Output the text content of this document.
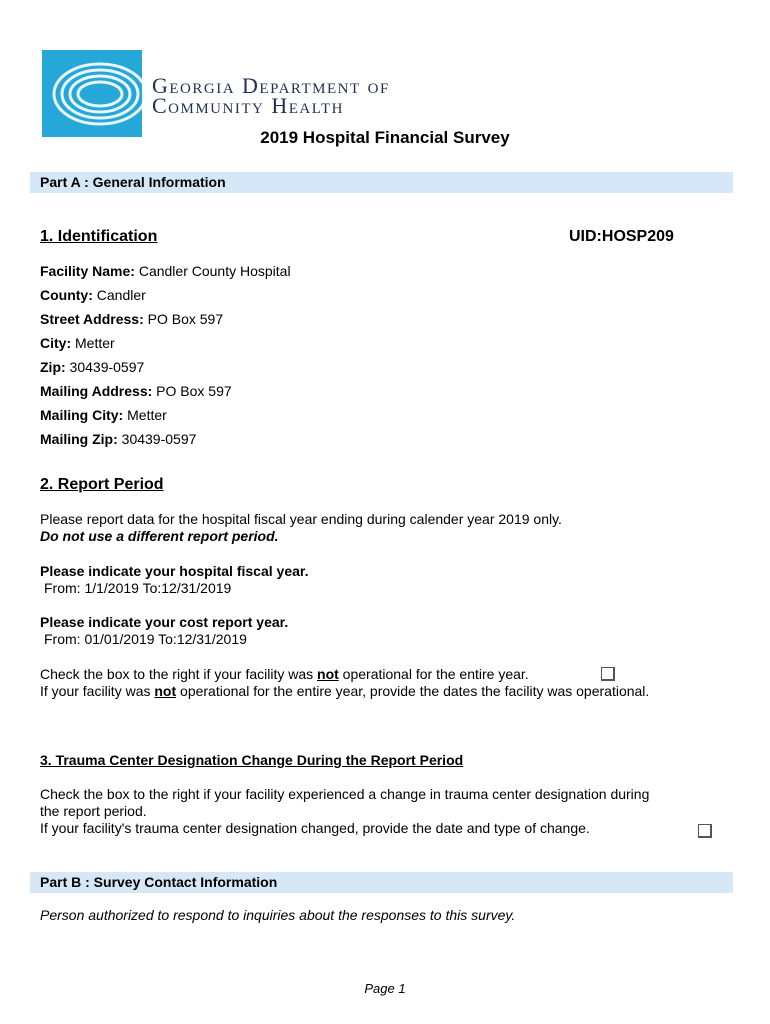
Georgia Department of
Community Health
2019 Hospital Financial Survey
Part A : General Information
1. Identification	UID:HOSP209
Facility Name: Candler County Hospital
County: Candler
Street Address: PO Box 597
City: Metter
Zip: 30439-0597
Mailing Address: PO Box 597
Mailing City: Metter
Mailing Zip: 30439-0597
2. Report Period
Please report data for the hospital fiscal year ending during calender year 2019 only.
Do not use a different report period.
Please indicate your hospital fiscal year.
From: 1/1/2019 To:12/31/2019
Please indicate your cost report year.
From: 01/01/2019 To:12/31/2019
Check the box to the right if your facility was not operational for the entire year.
If your facility was not operational for the entire year, provide the dates the facility was operational.
3. Trauma Center Designation Change During the Report Period
Check the box to the right if your facility experienced a change in trauma center designation during
the report period.
If your facility's trauma center designation changed, provide the date and type of change.
Part B : Survey Contact Information
Person authorized to respond to inquiries about the responses to this survey.
Page 1
